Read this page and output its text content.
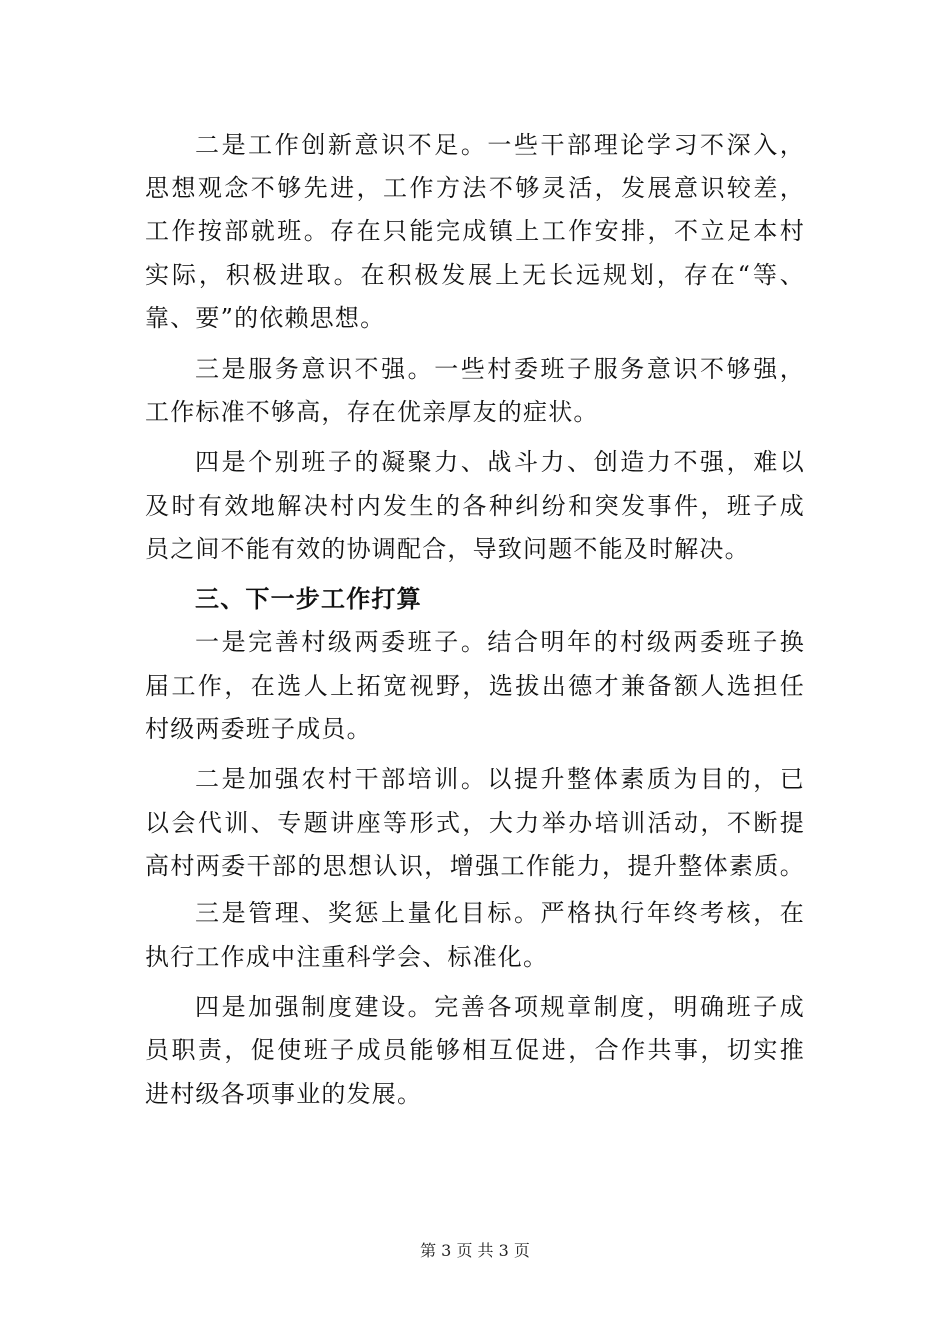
二是工作创新意识不足。一些干部理论学习不深入，
思想观念不够先进，工作方法不够灵活，发展意识较差，
工作按部就班。存在只能完成镇上工作安排，不立足本村
实际，积极进取。在积极发展上无长远规划，存在“等、
靠、要”的依赖思想。
三是服务意识不强。一些村委班子服务意识不够强，
工作标准不够高，存在优亲厚友的症状。
四是个别班子的凝聚力、战斗力、创造力不强，难以
及时有效地解决村内发生的各种纠纷和突发事件，班子成
员之间不能有效的协调配合，导致问题不能及时解决。
三、下一步工作打算
一是完善村级两委班子。结合明年的村级两委班子换
届工作，在选人上拓宽视野，选拔出德才兼备额人选担任
村级两委班子成员。
二是加强农村干部培训。以提升整体素质为目的，已
以会代训、专题讲座等形式，大力举办培训活动，不断提
高村两委干部的思想认识，增强工作能力，提升整体素质。
三是管理、奖惩上量化目标。严格执行年终考核，在
执行工作成中注重科学会、标准化。
四是加强制度建设。完善各项规章制度，明确班子成
员职责，促使班子成员能够相互促进，合作共事，切实推
进村级各项事业的发展。
第 3 页 共 3 页
